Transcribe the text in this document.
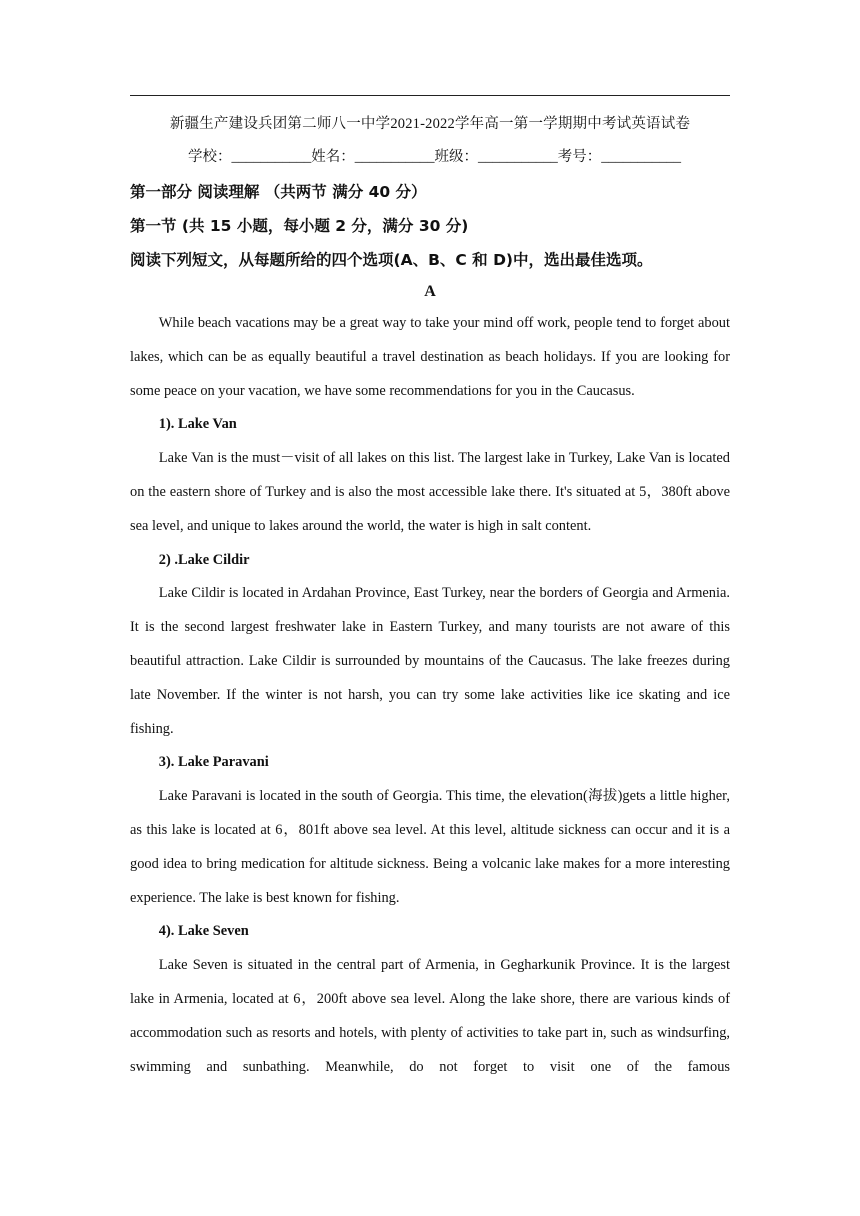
新疆生产建设兵团第二师八一中学2021-2022学年高一第一学期期中考试英语试卷
学校：___________姓名：___________班级：___________考号：___________
第一部分 阅读理解 （共两节 满分 40 分）
第一节 (共 15 小题，每小题 2 分，满分 30 分)
阅读下列短文，从每题所给的四个选项(A、B、C 和 D)中，选出最佳选项。
A

While beach vacations may be a great way to take your mind off work, people tend to forget about lakes, which can be as equally beautiful a travel destination as beach holidays. If you are looking for some peace on your vacation, we have some recommendations for you in the Caucasus.

1). Lake Van

Lake Van is the must－visit of all lakes on this list. The largest lake in Turkey, Lake Van is located on the eastern shore of Turkey and is also the most accessible lake there. It's situated at 5，380ft above sea level, and unique to lakes around the world, the water is high in salt content.

2) .Lake Cildir

Lake Cildir is located in Ardahan Province, East Turkey, near the borders of Georgia and Armenia. It is the second largest freshwater lake in Eastern Turkey, and many tourists are not aware of this beautiful attraction. Lake Cildir is surrounded by mountains of the Caucasus. The lake freezes during late November. If the winter is not harsh, you can try some lake activities like ice skating and ice fishing.

3). Lake Paravani

Lake Paravani is located in the south of Georgia. This time, the elevation(海拔)gets a little higher, as this lake is located at 6，801ft above sea level. At this level, altitude sickness can occur and it is a good idea to bring medication for altitude sickness. Being a volcanic lake makes for a more interesting experience. The lake is best known for fishing.

4). Lake Seven

Lake Seven is situated in the central part of Armenia, in Gegharkunik Province. It is the largest lake in Armenia, located at 6，200ft above sea level. Along the lake shore, there are various kinds of accommodation such as resorts and hotels, with plenty of activities to take part in, such as windsurfing, swimming and sunbathing. Meanwhile, do not forget to visit one of the famous
